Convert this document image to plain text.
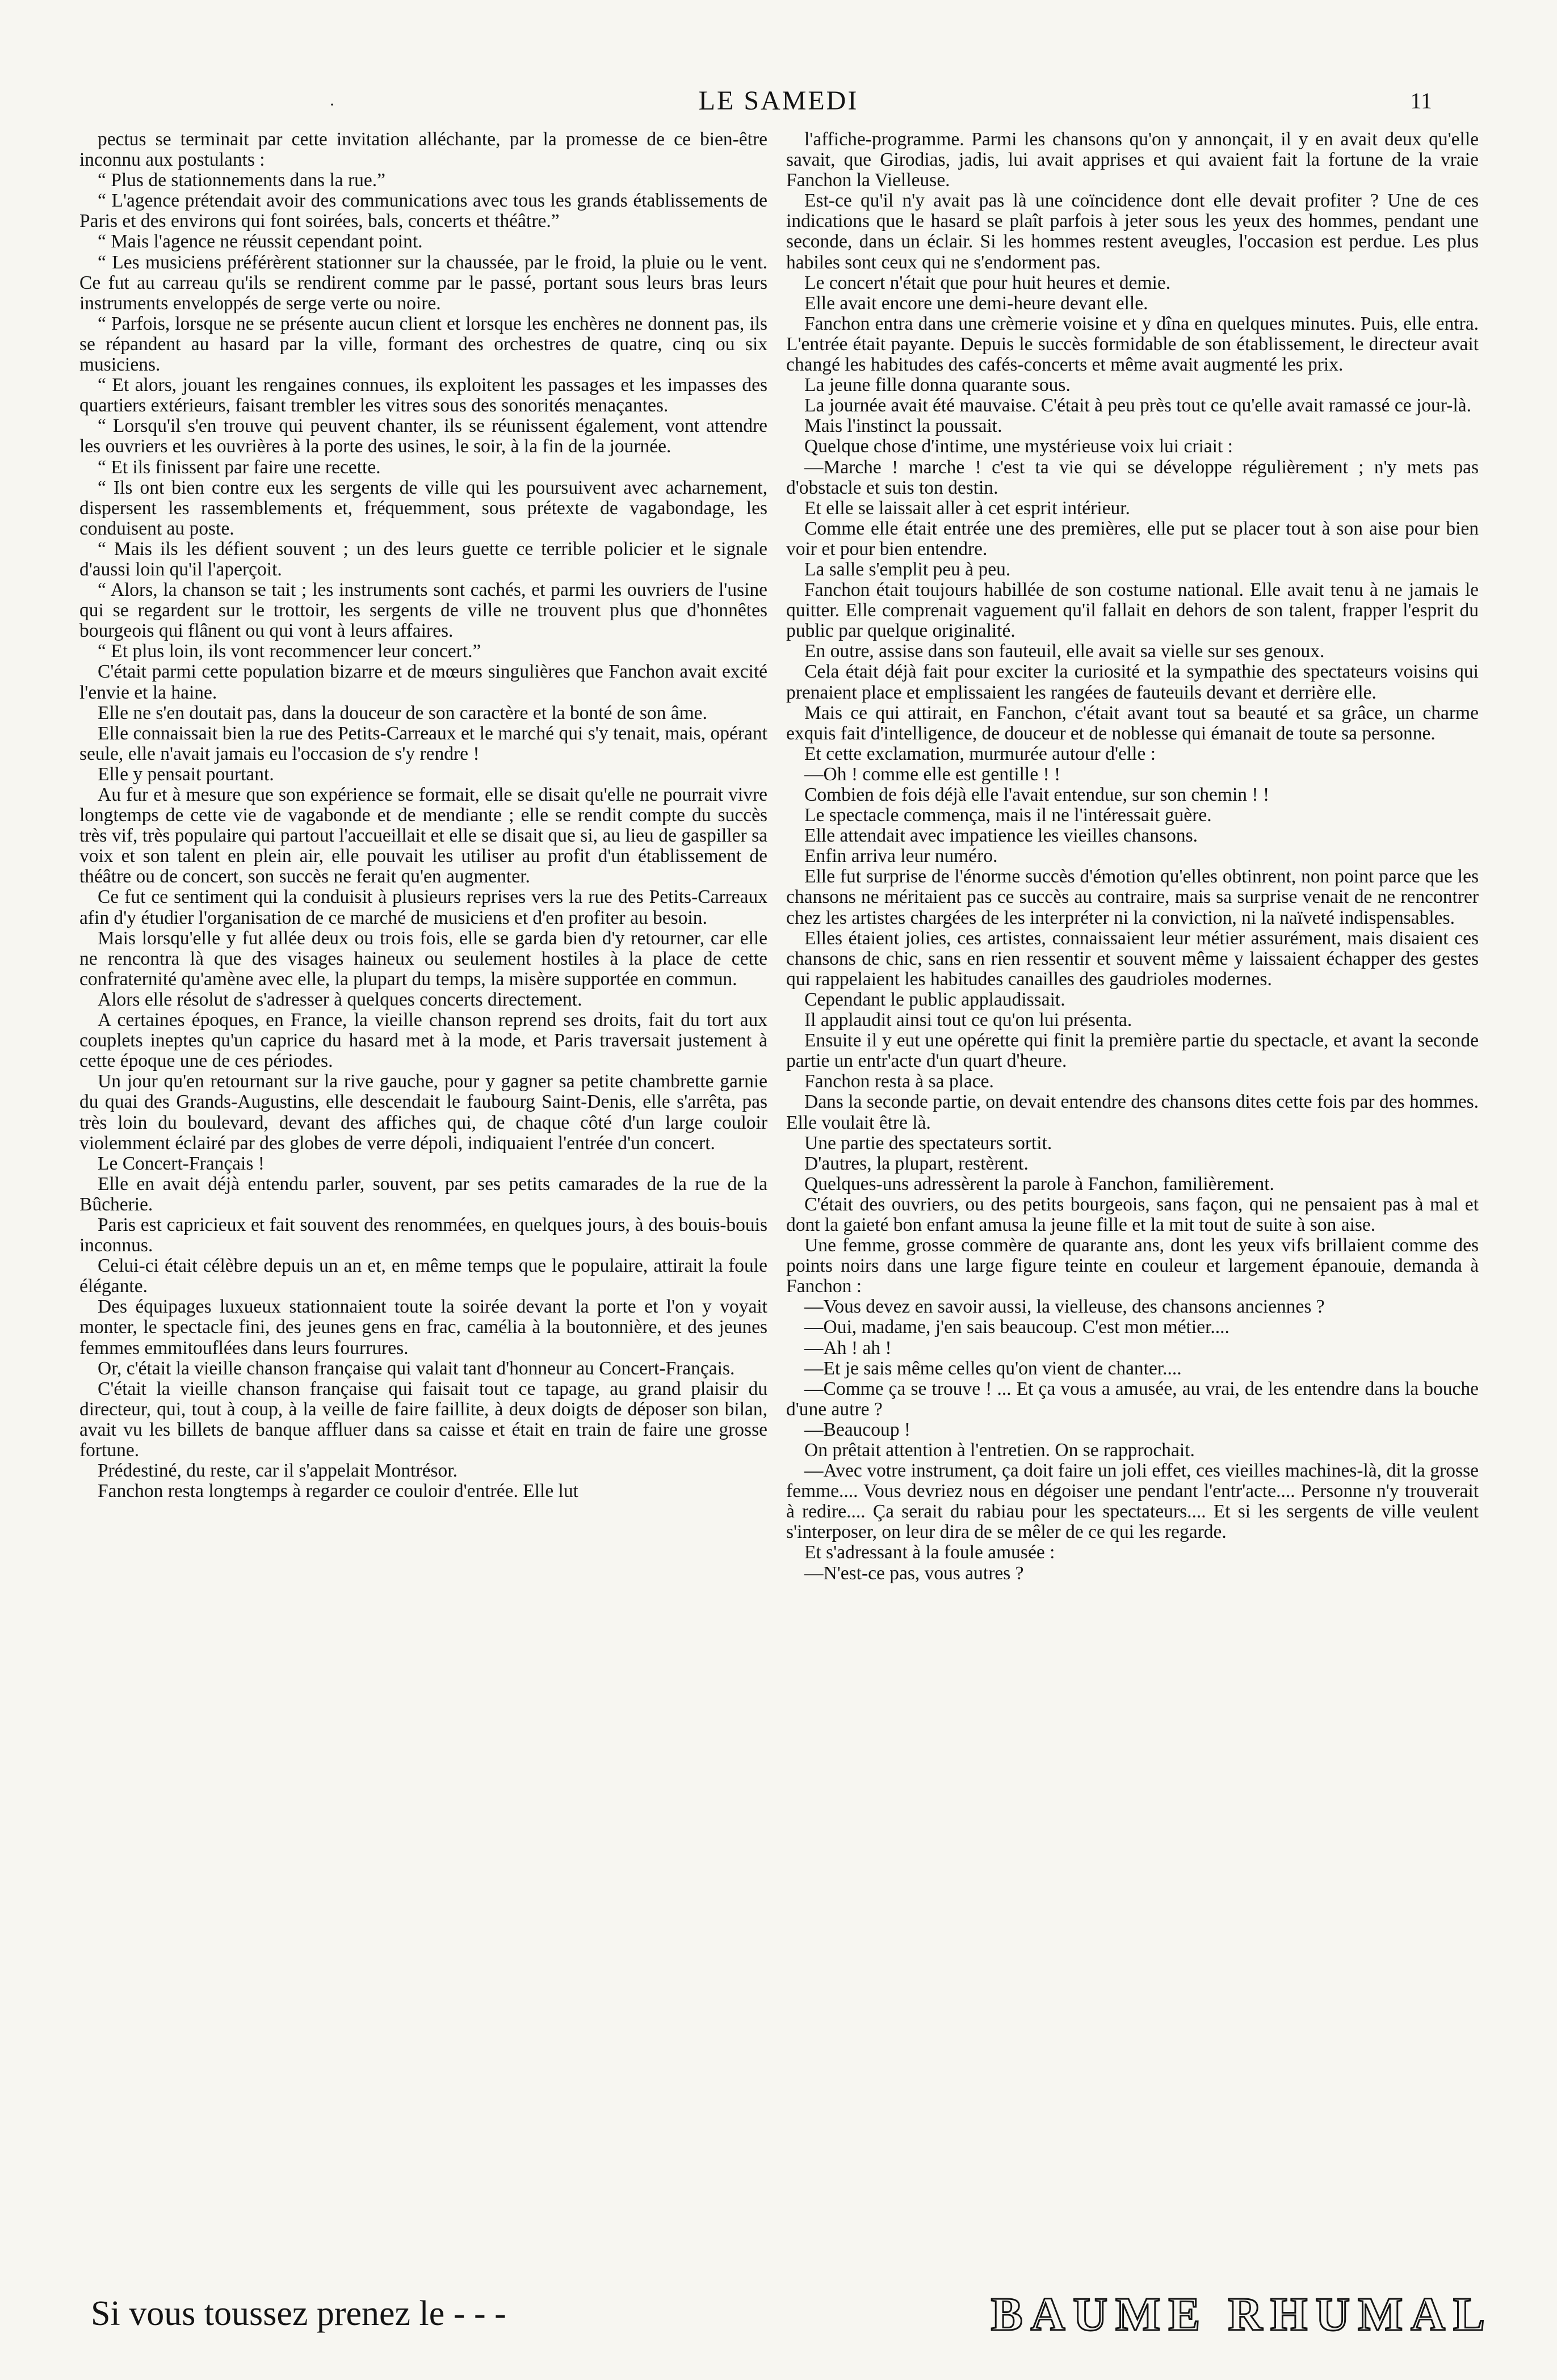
·	LE SAMEDI	11

pectus se terminait par cette invitation alléchante, par la promesse de ce bien-être inconnu aux postulants :

“ Plus de stationnements dans la rue.”

“ L'agence prétendait avoir des communications avec tous les grands établissements de Paris et des environs qui font soirées, bals, concerts et théâtre.”

“ Mais l'agence ne réussit cependant point.

“ Les musiciens préférèrent stationner sur la chaussée, par le froid, la pluie ou le vent. Ce fut au carreau qu'ils se rendirent comme par le passé, portant sous leurs bras leurs instruments enveloppés de serge verte ou noire.

“ Parfois, lorsque ne se présente aucun client et lorsque les enchères ne donnent pas, ils se répandent au hasard par la ville, formant des orchestres de quatre, cinq ou six musiciens.

“ Et alors, jouant les rengaines connues, ils exploitent les passages et les impasses des quartiers extérieurs, faisant trembler les vitres sous des sonorités menaçantes.

“ Lorsqu'il s'en trouve qui peuvent chanter, ils se réunissent également, vont attendre les ouvriers et les ouvrières à la porte des usines, le soir, à la fin de la journée.

“ Et ils finissent par faire une recette.

“ Ils ont bien contre eux les sergents de ville qui les poursuivent avec acharnement, dispersent les rassemblements et, fréquemment, sous prétexte de vagabondage, les conduisent au poste.

“ Mais ils les défient souvent ; un des leurs guette ce terrible policier et le signale d'aussi loin qu'il l'aperçoit.

“ Alors, la chanson se tait ; les instruments sont cachés, et parmi les ouvriers de l'usine qui se regardent sur le trottoir, les sergents de ville ne trouvent plus que d'honnêtes bourgeois qui flânent ou qui vont à leurs affaires.

“ Et plus loin, ils vont recommencer leur concert.”

C'était parmi cette population bizarre et de mœurs singulières que Fanchon avait excité l'envie et la haine.

Elle ne s'en doutait pas, dans la douceur de son caractère et la bonté de son âme.

Elle connaissait bien la rue des Petits-Carreaux et le marché qui s'y tenait, mais, opérant seule, elle n'avait jamais eu l'occasion de s'y rendre !

Elle y pensait pourtant.

Au fur et à mesure que son expérience se formait, elle se disait qu'elle ne pourrait vivre longtemps de cette vie de vagabonde et de mendiante ; elle se rendit compte du succès très vif, très populaire qui partout l'accueillait et elle se disait que si, au lieu de gaspiller sa voix et son talent en plein air, elle pouvait les utiliser au profit d'un établissement de théâtre ou de concert, son succès ne ferait qu'en augmenter.

Ce fut ce sentiment qui la conduisit à plusieurs reprises vers la rue des Petits-Carreaux afin d'y étudier l'organisation de ce marché de musiciens et d'en profiter au besoin.

Mais lorsqu'elle y fut allée deux ou trois fois, elle se garda bien d'y retourner, car elle ne rencontra là que des visages haineux ou seulement hostiles à la place de cette confraternité qu'amène avec elle, la plupart du temps, la misère supportée en commun.

Alors elle résolut de s'adresser à quelques concerts directement.

A certaines époques, en France, la vieille chanson reprend ses droits, fait du tort aux couplets ineptes qu'un caprice du hasard met à la mode, et Paris traversait justement à cette époque une de ces périodes.

Un jour qu'en retournant sur la rive gauche, pour y gagner sa petite chambrette garnie du quai des Grands-Augustins, elle descendait le faubourg Saint-Denis, elle s'arrêta, pas très loin du boulevard, devant des affiches qui, de chaque côté d'un large couloir violemment éclairé par des globes de verre dépoli, indiquaient l'entrée d'un concert.

Le Concert-Français !

Elle en avait déjà entendu parler, souvent, par ses petits camarades de la rue de la Bûcherie.

Paris est capricieux et fait souvent des renommées, en quelques jours, à des bouis-bouis inconnus.

Celui-ci était célèbre depuis un an et, en même temps que le populaire, attirait la foule élégante.

Des équipages luxueux stationnaient toute la soirée devant la porte et l'on y voyait monter, le spectacle fini, des jeunes gens en frac, camélia à la boutonnière, et des jeunes femmes emmitouflées dans leurs fourrures.

Or, c'était la vieille chanson française qui valait tant d'honneur au Concert-Français.

C'était la vieille chanson française qui faisait tout ce tapage, au grand plaisir du directeur, qui, tout à coup, à la veille de faire faillite, à deux doigts de déposer son bilan, avait vu les billets de banque affluer dans sa caisse et était en train de faire une grosse fortune.

Prédestiné, du reste, car il s'appelait Montrésor.

Fanchon resta longtemps à regarder ce couloir d'entrée. Elle lut

l'affiche-programme. Parmi les chansons qu'on y annonçait, il y en avait deux qu'elle savait, que Girodias, jadis, lui avait apprises et qui avaient fait la fortune de la vraie Fanchon la Vielleuse.

Est-ce qu'il n'y avait pas là une coïncidence dont elle devait profiter ? Une de ces indications que le hasard se plaît parfois à jeter sous les yeux des hommes, pendant une seconde, dans un éclair. Si les hommes restent aveugles, l'occasion est perdue. Les plus habiles sont ceux qui ne s'endorment pas.

Le concert n'était que pour huit heures et demie.

Elle avait encore une demi-heure devant elle.

Fanchon entra dans une crèmerie voisine et y dîna en quelques minutes. Puis, elle entra. L'entrée était payante. Depuis le succès formidable de son établissement, le directeur avait changé les habitudes des cafés-concerts et même avait augmenté les prix.

La jeune fille donna quarante sous.

La journée avait été mauvaise. C'était à peu près tout ce qu'elle avait ramassé ce jour-là.

Mais l'instinct la poussait.

Quelque chose d'intime, une mystérieuse voix lui criait :

—Marche ! marche ! c'est ta vie qui se développe régulièrement ; n'y mets pas d'obstacle et suis ton destin.

Et elle se laissait aller à cet esprit intérieur.

Comme elle était entrée une des premières, elle put se placer tout à son aise pour bien voir et pour bien entendre.

La salle s'emplit peu à peu.

Fanchon était toujours habillée de son costume national. Elle avait tenu à ne jamais le quitter. Elle comprenait vaguement qu'il fallait en dehors de son talent, frapper l'esprit du public par quelque originalité.

En outre, assise dans son fauteuil, elle avait sa vielle sur ses genoux.

Cela était déjà fait pour exciter la curiosité et la sympathie des spectateurs voisins qui prenaient place et emplissaient les rangées de fauteuils devant et derrière elle.

Mais ce qui attirait, en Fanchon, c'était avant tout sa beauté et sa grâce, un charme exquis fait d'intelligence, de douceur et de noblesse qui émanait de toute sa personne.

Et cette exclamation, murmurée autour d'elle :

—Oh ! comme elle est gentille ! !

Combien de fois déjà elle l'avait entendue, sur son chemin ! !

Le spectacle commença, mais il ne l'intéressait guère.

Elle attendait avec impatience les vieilles chansons.

Enfin arriva leur numéro.

Elle fut surprise de l'énorme succès d'émotion qu'elles obtinrent, non point parce que les chansons ne méritaient pas ce succès au contraire, mais sa surprise venait de ne rencontrer chez les artistes chargées de les interpréter ni la conviction, ni la naïveté indispensables.

Elles étaient jolies, ces artistes, connaissaient leur métier assurément, mais disaient ces chansons de chic, sans en rien ressentir et souvent même y laissaient échapper des gestes qui rappelaient les habitudes canailles des gaudrioles modernes.

Cependant le public applaudissait.

Il applaudit ainsi tout ce qu'on lui présenta.

Ensuite il y eut une opérette qui finit la première partie du spectacle, et avant la seconde partie un entr'acte d'un quart d'heure.

Fanchon resta à sa place.

Dans la seconde partie, on devait entendre des chansons dites cette fois par des hommes. Elle voulait être là.

Une partie des spectateurs sortit.

D'autres, la plupart, restèrent.

Quelques-uns adressèrent la parole à Fanchon, familièrement.

C'était des ouvriers, ou des petits bourgeois, sans façon, qui ne pensaient pas à mal et dont la gaieté bon enfant amusa la jeune fille et la mit tout de suite à son aise.

Une femme, grosse commère de quarante ans, dont les yeux vifs brillaient comme des points noirs dans une large figure teinte en couleur et largement épanouie, demanda à Fanchon :

—Vous devez en savoir aussi, la vielleuse, des chansons anciennes ?

—Oui, madame, j'en sais beaucoup. C'est mon métier....

—Ah ! ah !

—Et je sais même celles qu'on vient de chanter....

—Comme ça se trouve ! ... Et ça vous a amusée, au vrai, de les entendre dans la bouche d'une autre ?

—Beaucoup !

On prêtait attention à l'entretien. On se rapprochait.

—Avec votre instrument, ça doit faire un joli effet, ces vieilles machines-là, dit la grosse femme.... Vous devriez nous en dégoiser une pendant l'entr'acte.... Personne n'y trouverait à redire.... Ça serait du rabiau pour les spectateurs.... Et si les sergents de ville veulent s'interposer, on leur dira de se mêler de ce qui les regarde.

Et s'adressant à la foule amusée :

—N'est-ce pas, vous autres ?

Si vous toussez prenez le - - -	BAUME RHUMAL
